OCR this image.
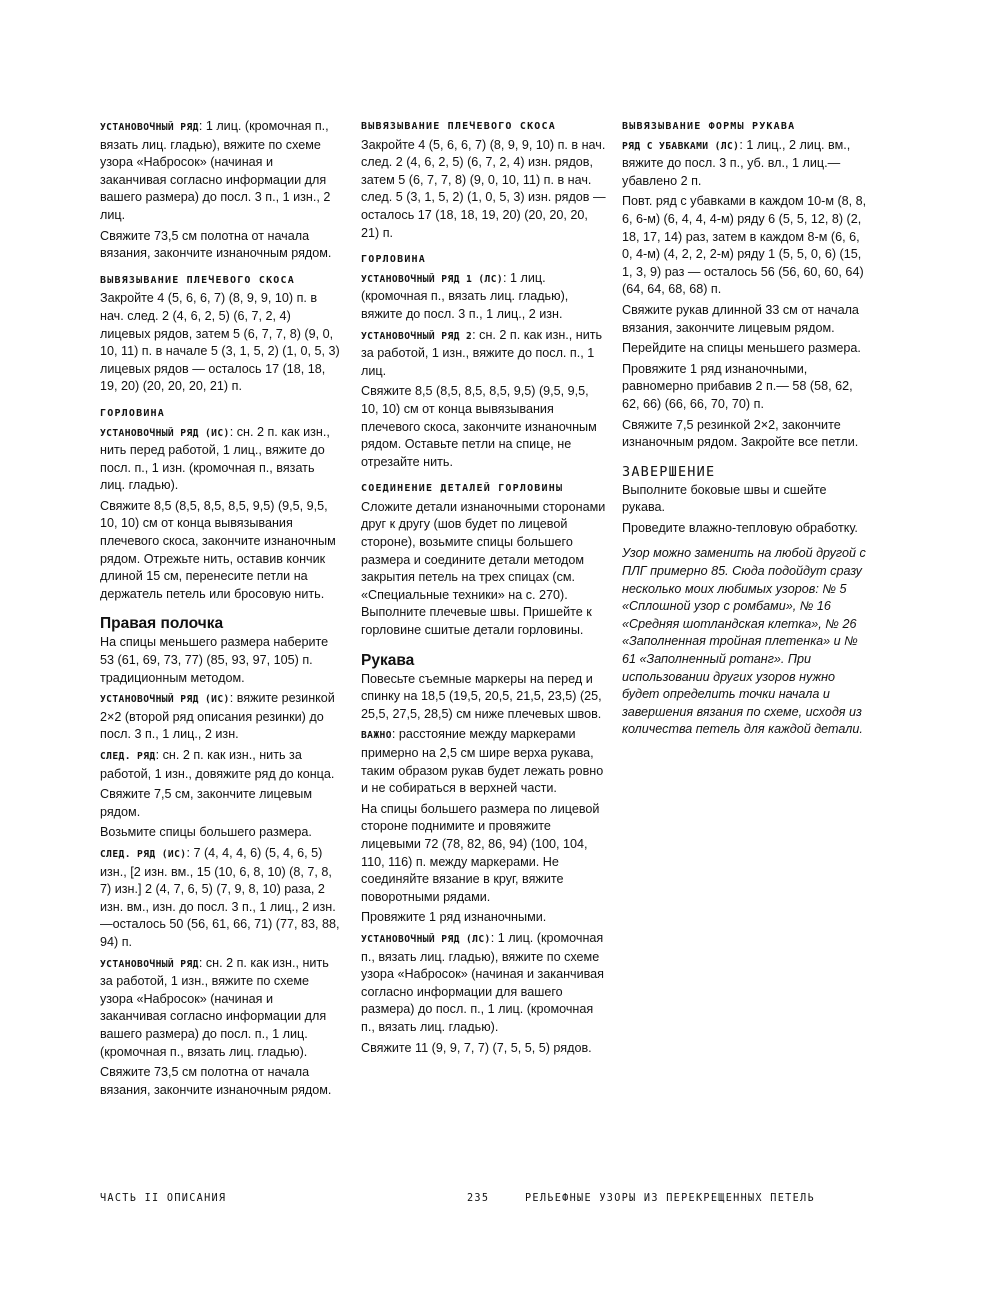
УСТАНОВОЧНЫЙ РЯД: 1 лиц. (кромочная п., вязать лиц. гладью), вяжите по схеме узора «Набросок» (начиная и заканчивая согласно информации для вашего размера) до посл. 3 п., 1 изн., 2 лиц.

Свяжите 73,5 см полотна от начала вязания, закончите изнаночным рядом.

ВЫВЯЗЫВАНИЕ ПЛЕЧЕВОГО СКОСА

Закройте 4 (5, 6, 6, 7) (8, 9, 9, 10) п. в нач. след. 2 (4, 6, 2, 5) (6, 7, 2, 4) лицевых рядов, затем 5 (6, 7, 7, 8) (9, 0, 10, 11) п. в начале 5 (3, 1, 5, 2) (1, 0, 5, 3) лицевых рядов — осталось 17 (18, 18, 19, 20) (20, 20, 20, 21) п.

ГОРЛОВИНА

УСТАНОВОЧНЫЙ РЯД (ИС): сн. 2 п. как изн., нить перед работой, 1 лиц., вяжите до посл. п., 1 изн. (кромочная п., вязать лиц. гладью).

Свяжите 8,5 (8,5, 8,5, 8,5, 9,5) (9,5, 9,5, 10, 10) см от конца вывязывания плечевого скоса, закончите изнаночным рядом. Отрежьте нить, оставив кончик длиной 15 см, перенесите петли на держатель петель или бросовую нить.

Правая полочка

На спицы меньшего размера наберите 53 (61, 69, 73, 77) (85, 93, 97, 105) п. традиционным методом.

УСТАНОВОЧНЫЙ РЯД (ИС): вяжите резинкой 2×2 (второй ряд описания резинки) до посл. 3 п., 1 лиц., 2 изн.

СЛЕД. РЯД: сн. 2 п. как изн., нить за работой, 1 изн., довяжите ряд до конца.

Свяжите 7,5 см, закончите лицевым рядом.

Возьмите спицы большего размера.

СЛЕД. РЯД (ИС): 7 (4, 4, 4, 6) (5, 4, 6, 5) изн., [2 изн. вм., 15 (10, 6, 8, 10) (8, 7, 8, 7) изн.] 2 (4, 7, 6, 5) (7, 9, 8, 10) раза, 2 изн. вм., изн. до посл. 3 п., 1 лиц., 2 изн.—осталось 50 (56, 61, 66, 71) (77, 83, 88, 94) п.

УСТАНОВОЧНЫЙ РЯД: сн. 2 п. как изн., нить за работой, 1 изн., вяжите по схеме узора «Набросок» (начиная и заканчивая согласно информации для вашего размера) до посл. п., 1 лиц. (кромочная п., вязать лиц. гладью).

Свяжите 73,5 см полотна от начала вязания, закончите изнаночным рядом.

ВЫВЯЗЫВАНИЕ ПЛЕЧЕВОГО СКОСА

Закройте 4 (5, 6, 6, 7) (8, 9, 9, 10) п. в нач. след. 2 (4, 6, 2, 5) (6, 7, 2, 4) изн. рядов, затем 5 (6, 7, 7, 8) (9, 0, 10, 11) п. в нач. след. 5 (3, 1, 5, 2) (1, 0, 5, 3) изн. рядов — осталось 17 (18, 18, 19, 20) (20, 20, 20, 21) п.

ГОРЛОВИНА

УСТАНОВОЧНЫЙ РЯД 1 (ЛС): 1 лиц. (кромочная п., вязать лиц. гладью), вяжите до посл. 3 п., 1 лиц., 2 изн.

УСТАНОВОЧНЫЙ РЯД 2: сн. 2 п. как изн., нить за работой, 1 изн., вяжите до посл. п., 1 лиц.

Свяжите 8,5 (8,5, 8,5, 8,5, 9,5) (9,5, 9,5, 10, 10) см от конца вывязывания плечевого скоса, закончите изнаночным рядом. Оставьте петли на спице, не отрезайте нить.

СОЕДИНЕНИЕ ДЕТАЛЕЙ ГОРЛОВИНЫ

Сложите детали изнаночными сторонами друг к другу (шов будет по лицевой стороне), возьмите спицы большего размера и соедините детали методом закрытия петель на трех спицах (см. «Специальные техники» на с. 270). Выполните плечевые швы. Пришейте к горловине сшитые детали горловины.

Рукава

Повесьте съемные маркеры на перед и спинку на 18,5 (19,5, 20,5, 21,5, 23,5) (25, 25,5, 27,5, 28,5) см ниже плечевых швов.

ВАЖНО: расстояние между маркерами примерно на 2,5 см шире верха рукава, таким образом рукав будет лежать ровно и не собираться в верхней части.

На спицы большего размера по лицевой стороне поднимите и провяжите лицевыми 72 (78, 82, 86, 94) (100, 104, 110, 116) п. между маркерами. Не соединяйте вязание в круг, вяжите поворотными рядами.

Провяжите 1 ряд изнаночными.

УСТАНОВОЧНЫЙ РЯД (ЛС): 1 лиц. (кромочная п., вязать лиц. гладью), вяжите по схеме узора «Набросок» (начиная и заканчивая согласно информации для вашего размера) до посл. п., 1 лиц. (кромочная п., вязать лиц. гладью).

Свяжите 11 (9, 9, 7, 7) (7, 5, 5, 5) рядов.

ВЫВЯЗЫВАНИЕ ФОРМЫ РУКАВА

РЯД С УБАВКАМИ (ЛС): 1 лиц., 2 лиц. вм., вяжите до посл. 3 п., уб. вл., 1 лиц.—убавлено 2 п.

Повт. ряд с убавками в каждом 10-м (8, 8, 6, 6-м) (6, 4, 4, 4-м) ряду 6 (5, 5, 12, 8) (2, 18, 17, 14) раз, затем в каждом 8-м (6, 6, 0, 4-м) (4, 2, 2, 2-м) ряду 1 (5, 5, 0, 6) (15, 1, 3, 9) раз — осталось 56 (56, 60, 60, 64) (64, 64, 68, 68) п.

Свяжите рукав длинной 33 см от начала вязания, закончите лицевым рядом.

Перейдите на спицы меньшего размера.

Провяжите 1 ряд изнаночными, равномерно прибавив 2 п.— 58 (58, 62, 62, 66) (66, 66, 70, 70) п.

Свяжите 7,5 резинкой 2×2, закончите изнаночным рядом. Закройте все петли.

ЗАВЕРШЕНИЕ

Выполните боковые швы и сшейте рукава.

Проведите влажно-тепловую обработку.

Узор можно заменить на любой другой с ПЛГ примерно 85. Сюда подойдут сразу несколько моих любимых узоров: № 5 «Сплошной узор с ромбами», № 16 «Средняя шотландская клетка», № 26 «Заполненная тройная плетенка» и № 61 «Заполненный ротанг». При использовании других узоров нужно будет определить точки начала и завершения вязания по схеме, исходя из количества петель для каждой детали.

ЧАСТЬ II ОПИСАНИЯ	235	РЕЛЬЕФНЫЕ УЗОРЫ ИЗ ПЕРЕКРЕЩЕННЫХ ПЕТЕЛЬ
